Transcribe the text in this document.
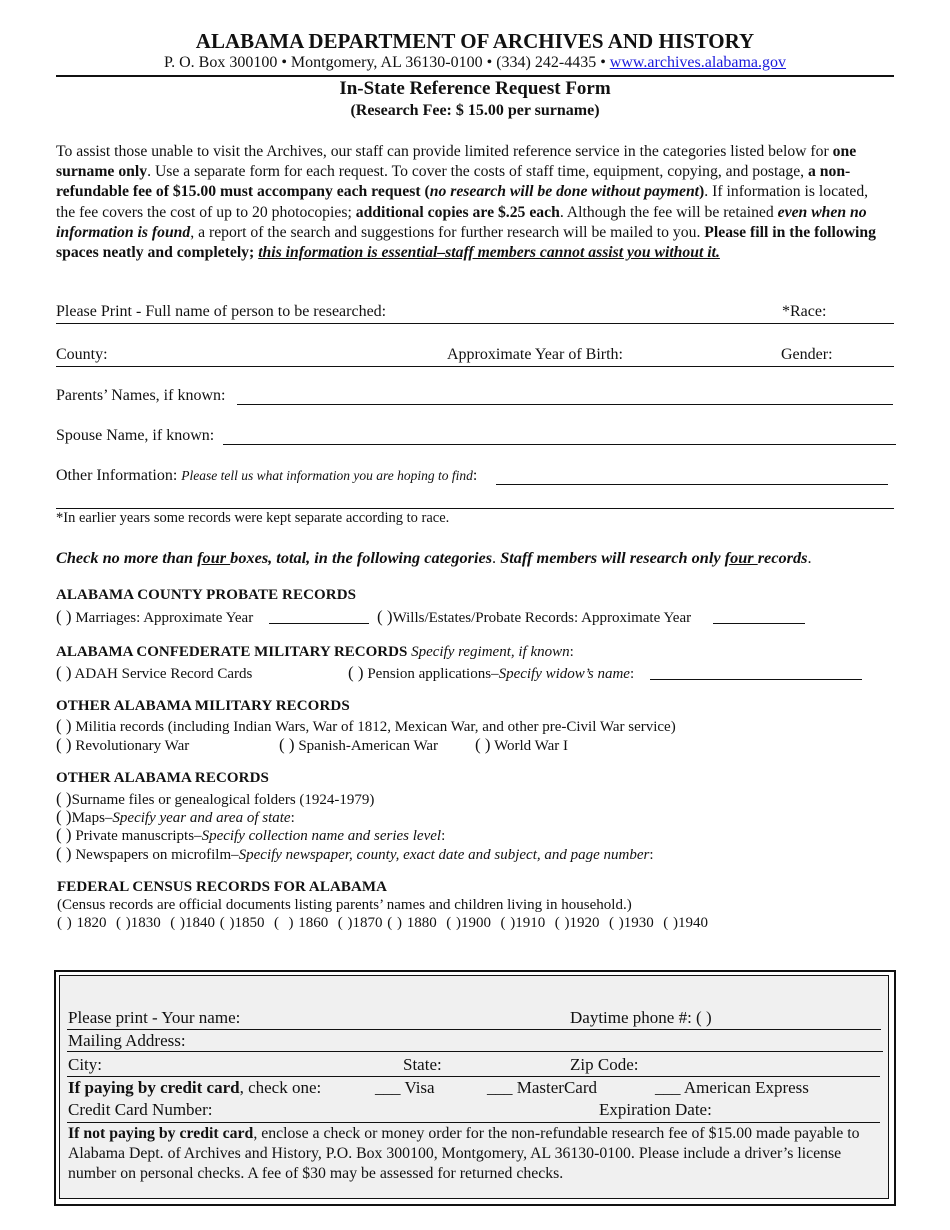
ALABAMA DEPARTMENT OF ARCHIVES AND HISTORY
P. O. Box 300100 • Montgomery, AL 36130-0100 • (334) 242-4435 • www.archives.alabama.gov
In-State Reference Request Form
(Research Fee: $ 15.00 per surname)
To assist those unable to visit the Archives, our staff can provide limited reference service in the categories listed below for one surname only. Use a separate form for each request. To cover the costs of staff time, equipment, copying, and postage, a non-refundable fee of $15.00 must accompany each request (no research will be done without payment). If information is located, the fee covers the cost of up to 20 photocopies; additional copies are $.25 each. Although the fee will be retained even when no information is found, a report of the search and suggestions for further research will be mailed to you. Please fill in the following spaces neatly and completely; this information is essential–staff members cannot assist you without it.
Please Print - Full name of person to be researched:	*Race:
County:	Approximate Year of Birth:	Gender:
Parents’ Names, if known:
Spouse Name, if known:
Other Information: Please tell us what information you are hoping to find:
*In earlier years some records were kept separate according to race.
Check no more than four boxes, total, in the following categories. Staff members will research only four records.
ALABAMA COUNTY PROBATE RECORDS
( ) Marriages: Approximate Year	( )Wills/Estates/Probate Records: Approximate Year
ALABAMA CONFEDERATE MILITARY RECORDS Specify regiment, if known:
( ) ADAH Service Record Cards	( ) Pension applications–Specify widow’s name:
OTHER ALABAMA MILITARY RECORDS
( ) Militia records (including Indian Wars, War of 1812, Mexican War, and other pre-Civil War service)
( ) Revolutionary War	( ) Spanish-American War ( ) World War I
OTHER ALABAMA RECORDS
( )Surname files or genealogical folders (1924-1979)
( )Maps–Specify year and area of state:
( ) Private manuscripts–Specify collection name and series level:
( ) Newspapers on microfilm–Specify newspaper, county, exact date and subject, and page number:
FEDERAL CENSUS RECORDS FOR ALABAMA
(Census records are official documents listing parents’ names and children living in household.)
( ) 1820 ( )1830 ( )1840 ( )1850 (  ) 1860 ( )1870 ( ) 1880 ( )1900 ( )1910 ( )1920 ( )1930 ( )1940
Please print - Your name:	Daytime phone #: ( )
Mailing Address:
City:	State:	Zip Code:
If paying by credit card, check one:	___ Visa	___ MasterCard	___ American Express
Credit Card Number:	Expiration Date:
If not paying by credit card, enclose a check or money order for the non-refundable research fee of $15.00 made payable to Alabama Dept. of Archives and History, P.O. Box 300100, Montgomery, AL 36130-0100. Please include a driver’s license number on personal checks. A fee of $30 may be assessed for returned checks.
